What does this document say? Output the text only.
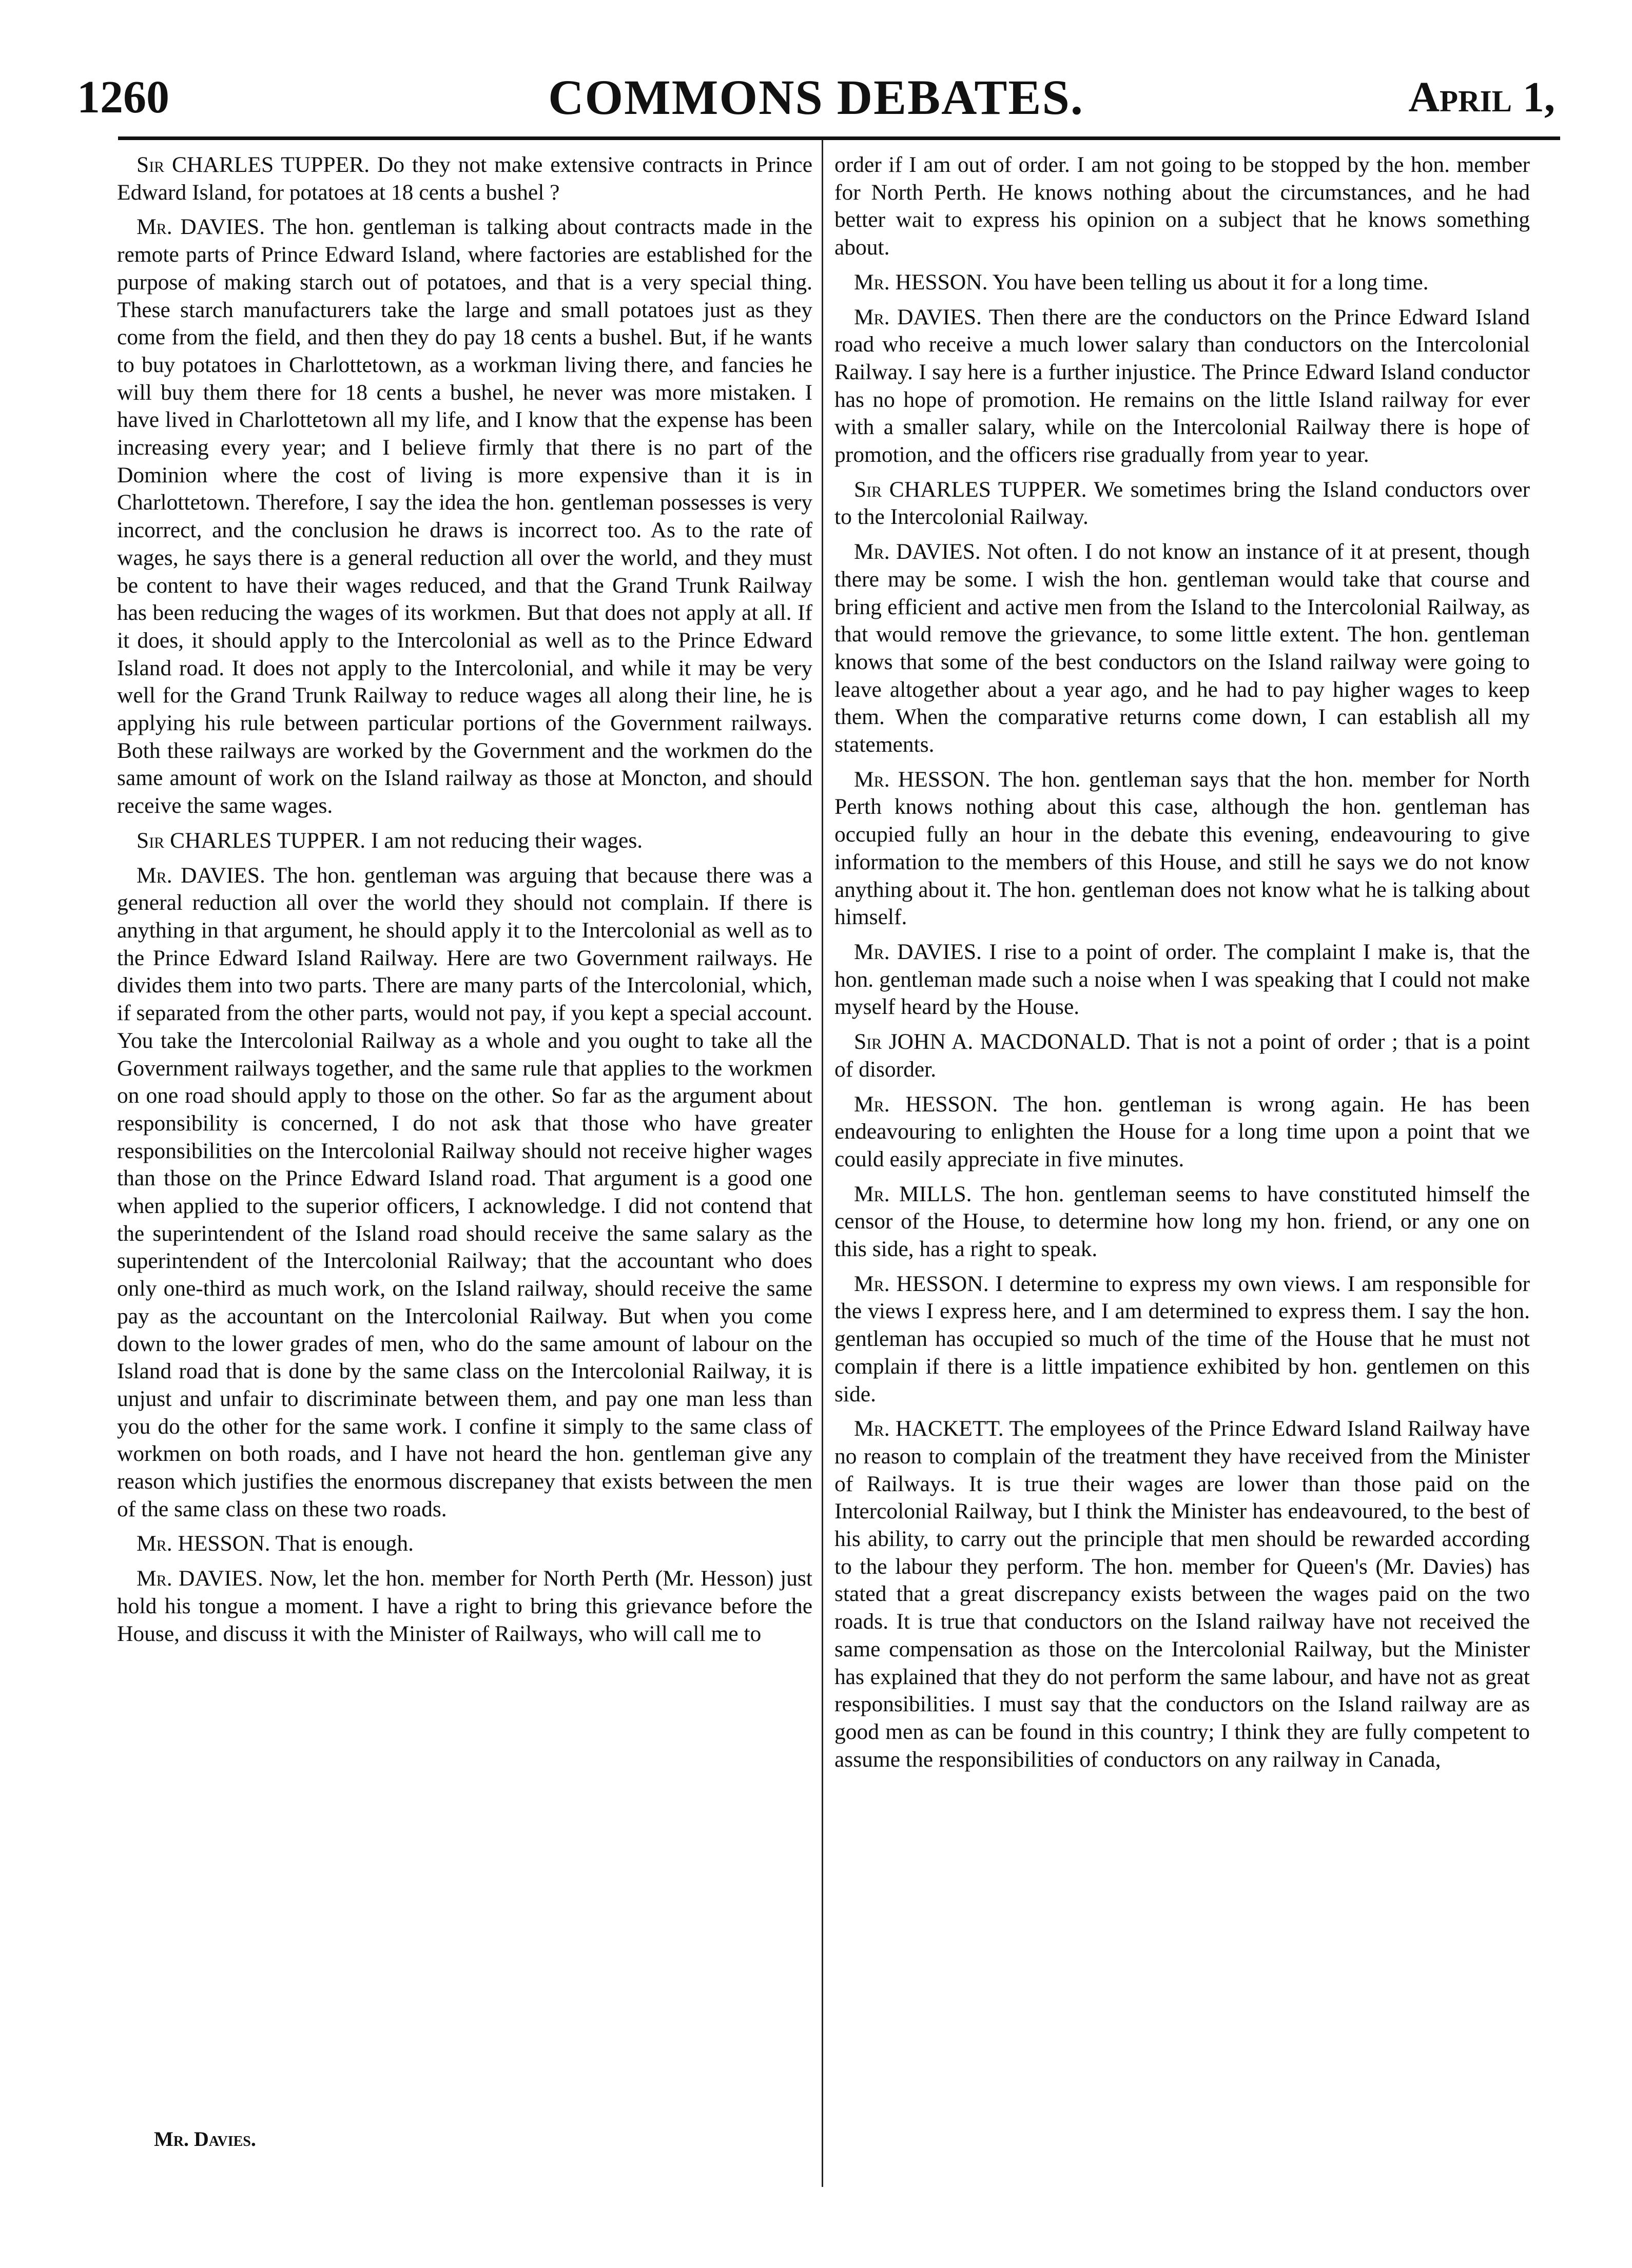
1260	COMMONS DEBATES.	April 1,

Sir CHARLES TUPPER. Do they not make extensive contracts in Prince Edward Island, for potatoes at 18 cents a bushel ?

Mr. DAVIES. The hon. gentleman is talking about contracts made in the remote parts of Prince Edward Island, where factories are established for the purpose of making starch out of potatoes, and that is a very special thing. These starch manufacturers take the large and small potatoes just as they come from the field, and then they do pay 18 cents a bushel. But, if he wants to buy potatoes in Charlottetown, as a workman living there, and fancies he will buy them there for 18 cents a bushel, he never was more mistaken. I have lived in Charlottetown all my life, and I know that the expense has been increasing every year; and I believe firmly that there is no part of the Dominion where the cost of living is more expensive than it is in Charlottetown. Therefore, I say the idea the hon. gentleman possesses is very incorrect, and the conclusion he draws is incorrect too. As to the rate of wages, he says there is a general reduction all over the world, and they must be content to have their wages reduced, and that the Grand Trunk Railway has been reducing the wages of its workmen. But that does not apply at all. If it does, it should apply to the Intercolonial as well as to the Prince Edward Island road. It does not apply to the Intercolonial, and while it may be very well for the Grand Trunk Railway to reduce wages all along their line, he is applying his rule between particular portions of the Government railways. Both these railways are worked by the Government and the workmen do the same amount of work on the Island railway as those at Moncton, and should receive the same wages.

Sir CHARLES TUPPER. I am not reducing their wages.

Mr. DAVIES. The hon. gentleman was arguing that because there was a general reduction all over the world they should not complain. If there is anything in that argument, he should apply it to the Intercolonial as well as to the Prince Edward Island Railway. Here are two Government railways. He divides them into two parts. There are many parts of the Intercolonial, which, if separated from the other parts, would not pay, if you kept a special account. You take the Intercolonial Railway as a whole and you ought to take all the Government railways together, and the same rule that applies to the workmen on one road should apply to those on the other. So far as the argument about responsibility is concerned, I do not ask that those who have greater responsibilities on the Intercolonial Railway should not receive higher wages than those on the Prince Edward Island road. That argument is a good one when applied to the superior officers, I acknowledge. I did not contend that the superintendent of the Island road should receive the same salary as the superintendent of the Intercolonial Railway; that the accountant who does only one-third as much work, on the Island railway, should receive the same pay as the accountant on the Intercolonial Railway. But when you come down to the lower grades of men, who do the same amount of labour on the Island road that is done by the same class on the Intercolonial Railway, it is unjust and unfair to discriminate between them, and pay one man less than you do the other for the same work. I confine it simply to the same class of workmen on both roads, and I have not heard the hon. gentleman give any reason which justifies the enormous discrepaney that exists between the men of the same class on these two roads.

Mr. HESSON. That is enough.

Mr. DAVIES. Now, let the hon. member for North Perth (Mr. Hesson) just hold his tongue a moment. I have a right to bring this grievance before the House, and discuss it with the Minister of Railways, who will call me to

order if I am out of order. I am not going to be stopped by the hon. member for North Perth. He knows nothing about the circumstances, and he had better wait to express his opinion on a subject that he knows something about.

Mr. HESSON. You have been telling us about it for a long time.

Mr. DAVIES. Then there are the conductors on the Prince Edward Island road who receive a much lower salary than conductors on the Intercolonial Railway. I say here is a further injustice. The Prince Edward Island conductor has no hope of promotion. He remains on the little Island railway for ever with a smaller salary, while on the Intercolonial Railway there is hope of promotion, and the officers rise gradually from year to year.

Sir CHARLES TUPPER. We sometimes bring the Island conductors over to the Intercolonial Railway.

Mr. DAVIES. Not often. I do not know an instance of it at present, though there may be some. I wish the hon. gentleman would take that course and bring efficient and active men from the Island to the Intercolonial Railway, as that would remove the grievance, to some little extent. The hon. gentleman knows that some of the best conductors on the Island railway were going to leave altogether about a year ago, and he had to pay higher wages to keep them. When the comparative returns come down, I can establish all my statements.

Mr. HESSON. The hon. gentleman says that the hon. member for North Perth knows nothing about this case, although the hon. gentleman has occupied fully an hour in the debate this evening, endeavouring to give information to the members of this House, and still he says we do not know anything about it. The hon. gentleman does not know what he is talking about himself.

Mr. DAVIES. I rise to a point of order. The complaint I make is, that the hon. gentleman made such a noise when I was speaking that I could not make myself heard by the House.

Sir JOHN A. MACDONALD. That is not a point of order ; that is a point of disorder.

Mr. HESSON. The hon. gentleman is wrong again. He has been endeavouring to enlighten the House for a long time upon a point that we could easily appreciate in five minutes.

Mr. MILLS. The hon. gentleman seems to have constituted himself the censor of the House, to determine how long my hon. friend, or any one on this side, has a right to speak.

Mr. HESSON. I determine to express my own views. I am responsible for the views I express here, and I am determined to express them. I say the hon. gentleman has occupied so much of the time of the House that he must not complain if there is a little impatience exhibited by hon. gentlemen on this side.

Mr. HACKETT. The employees of the Prince Edward Island Railway have no reason to complain of the treatment they have received from the Minister of Railways. It is true their wages are lower than those paid on the Intercolonial Railway, but I think the Minister has endeavoured, to the best of his ability, to carry out the principle that men should be rewarded according to the labour they perform. The hon. member for Queen's (Mr. Davies) has stated that a great discrepancy exists between the wages paid on the two roads. It is true that conductors on the Island railway have not received the same compensation as those on the Intercolonial Railway, but the Minister has explained that they do not perform the same labour, and have not as great responsibilities. I must say that the conductors on the Island railway are as good men as can be found in this country; I think they are fully competent to assume the responsibilities of conductors on any railway in Canada,

Mr. Davies.
